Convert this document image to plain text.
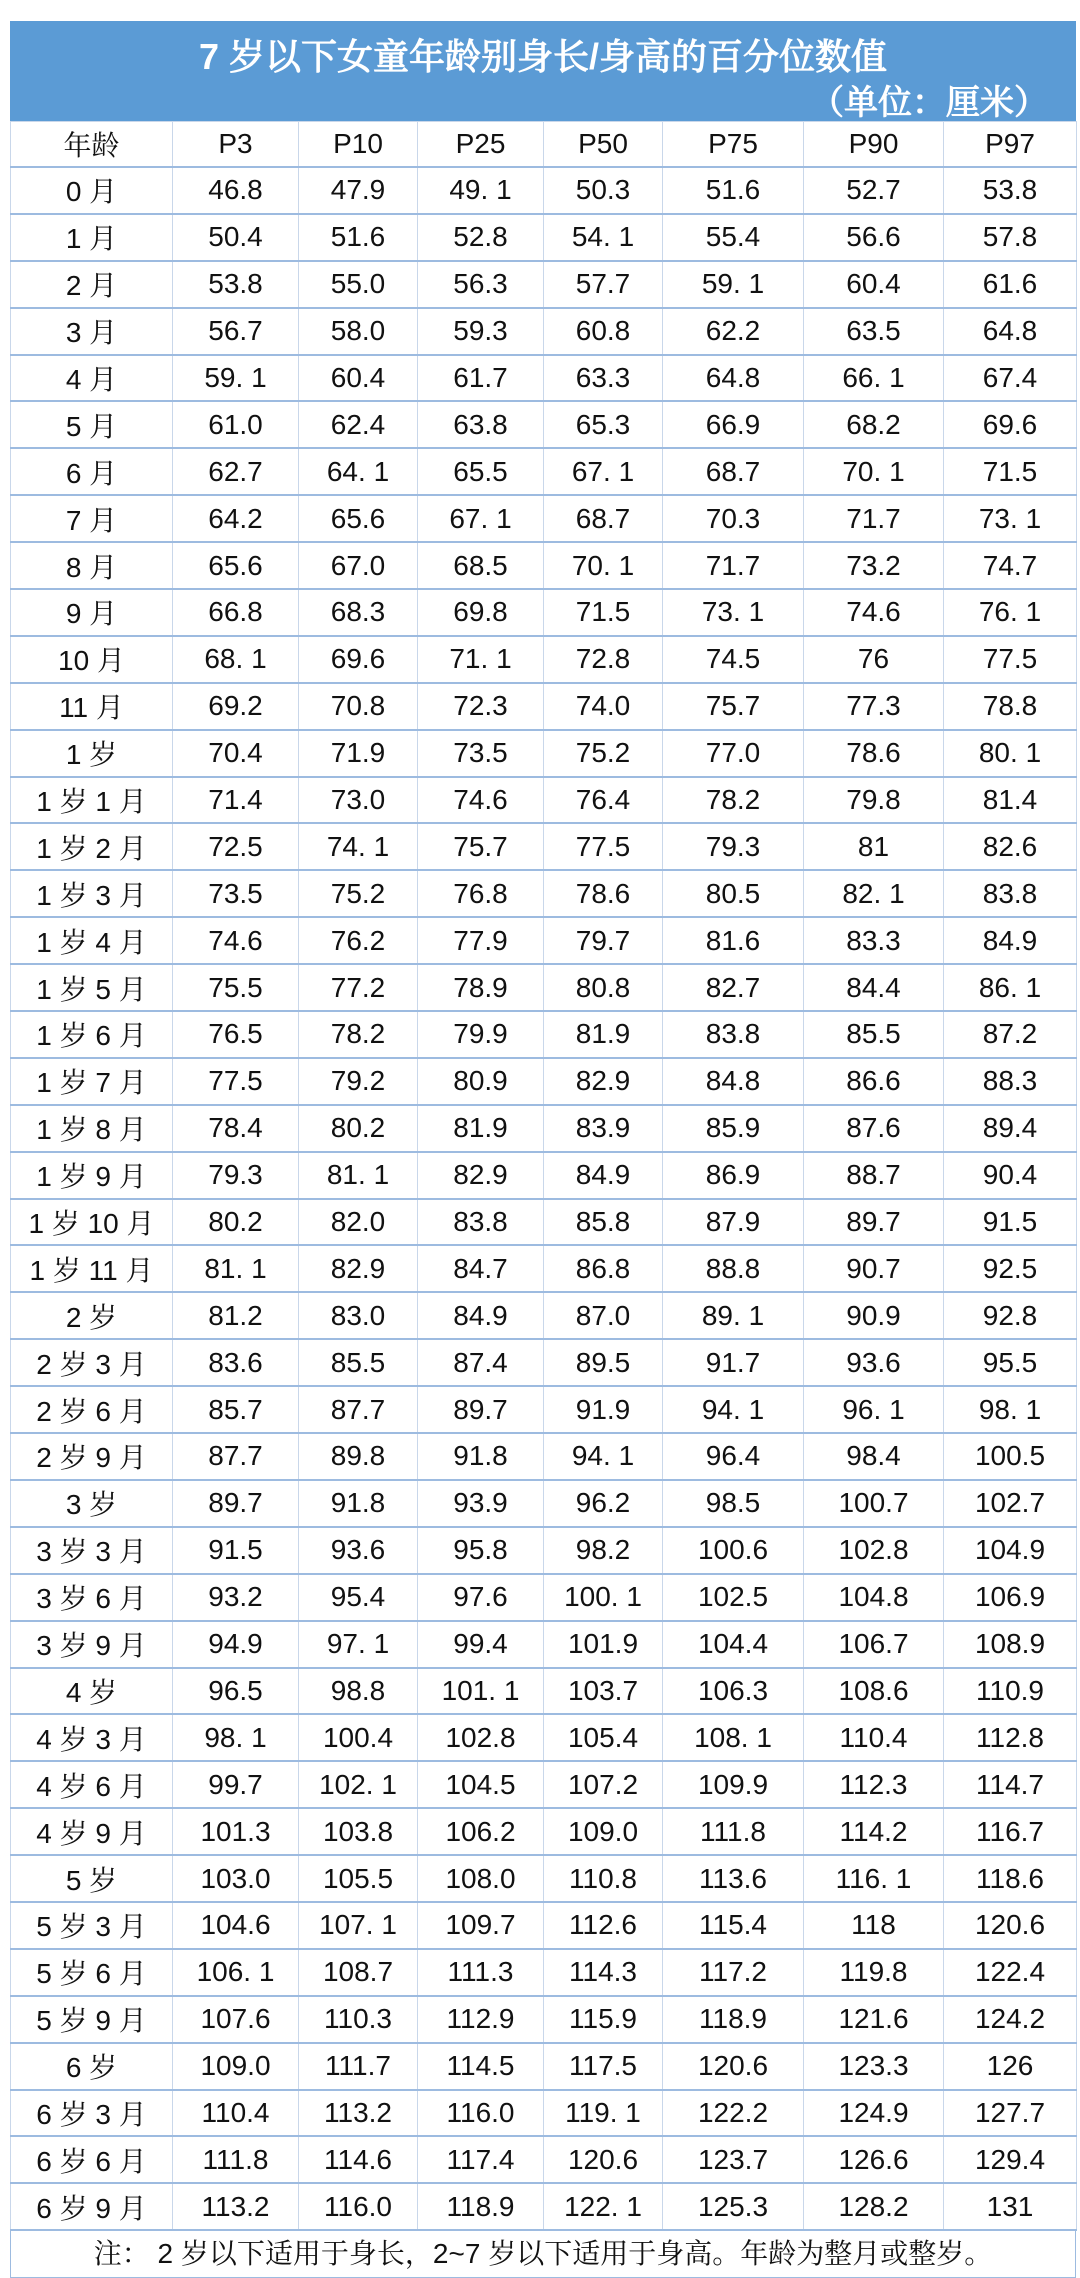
7 岁以下女童年龄别身长/身高的百分位数值
（单位：厘米）
年龄	P3	P10	P25	P50	P75	P90	P97
0 月	46.8	47.9	49. 1	50.3	51.6	52.7	53.8
1 月	50.4	51.6	52.8	54. 1	55.4	56.6	57.8
2 月	53.8	55.0	56.3	57.7	59. 1	60.4	61.6
3 月	56.7	58.0	59.3	60.8	62.2	63.5	64.8
4 月	59. 1	60.4	61.7	63.3	64.8	66. 1	67.4
5 月	61.0	62.4	63.8	65.3	66.9	68.2	69.6
6 月	62.7	64. 1	65.5	67. 1	68.7	70. 1	71.5
7 月	64.2	65.6	67. 1	68.7	70.3	71.7	73. 1
8 月	65.6	67.0	68.5	70. 1	71.7	73.2	74.7
9 月	66.8	68.3	69.8	71.5	73. 1	74.6	76. 1
10 月	68. 1	69.6	71. 1	72.8	74.5	76	77.5
11 月	69.2	70.8	72.3	74.0	75.7	77.3	78.8
1 岁	70.4	71.9	73.5	75.2	77.0	78.6	80. 1
1 岁 1 月	71.4	73.0	74.6	76.4	78.2	79.8	81.4
1 岁 2 月	72.5	74. 1	75.7	77.5	79.3	81	82.6
1 岁 3 月	73.5	75.2	76.8	78.6	80.5	82. 1	83.8
1 岁 4 月	74.6	76.2	77.9	79.7	81.6	83.3	84.9
1 岁 5 月	75.5	77.2	78.9	80.8	82.7	84.4	86. 1
1 岁 6 月	76.5	78.2	79.9	81.9	83.8	85.5	87.2
1 岁 7 月	77.5	79.2	80.9	82.9	84.8	86.6	88.3
1 岁 8 月	78.4	80.2	81.9	83.9	85.9	87.6	89.4
1 岁 9 月	79.3	81. 1	82.9	84.9	86.9	88.7	90.4
1 岁 10 月	80.2	82.0	83.8	85.8	87.9	89.7	91.5
1 岁 11 月	81. 1	82.9	84.7	86.8	88.8	90.7	92.5
2 岁	81.2	83.0	84.9	87.0	89. 1	90.9	92.8
2 岁 3 月	83.6	85.5	87.4	89.5	91.7	93.6	95.5
2 岁 6 月	85.7	87.7	89.7	91.9	94. 1	96. 1	98. 1
2 岁 9 月	87.7	89.8	91.8	94. 1	96.4	98.4	100.5
3 岁	89.7	91.8	93.9	96.2	98.5	100.7	102.7
3 岁 3 月	91.5	93.6	95.8	98.2	100.6	102.8	104.9
3 岁 6 月	93.2	95.4	97.6	100. 1	102.5	104.8	106.9
3 岁 9 月	94.9	97. 1	99.4	101.9	104.4	106.7	108.9
4 岁	96.5	98.8	101. 1	103.7	106.3	108.6	110.9
4 岁 3 月	98. 1	100.4	102.8	105.4	108. 1	110.4	112.8
4 岁 6 月	99.7	102. 1	104.5	107.2	109.9	112.3	114.7
4 岁 9 月	101.3	103.8	106.2	109.0	111.8	114.2	116.7
5 岁	103.0	105.5	108.0	110.8	113.6	116. 1	118.6
5 岁 3 月	104.6	107. 1	109.7	112.6	115.4	118	120.6
5 岁 6 月	106. 1	108.7	111.3	114.3	117.2	119.8	122.4
5 岁 9 月	107.6	110.3	112.9	115.9	118.9	121.6	124.2
6 岁	109.0	111.7	114.5	117.5	120.6	123.3	126
6 岁 3 月	110.4	113.2	116.0	119. 1	122.2	124.9	127.7
6 岁 6 月	111.8	114.6	117.4	120.6	123.7	126.6	129.4
6 岁 9 月	113.2	116.0	118.9	122. 1	125.3	128.2	131
注： 2 岁以下适用于身长，2~7 岁以下适用于身高。年龄为整月或整岁。
